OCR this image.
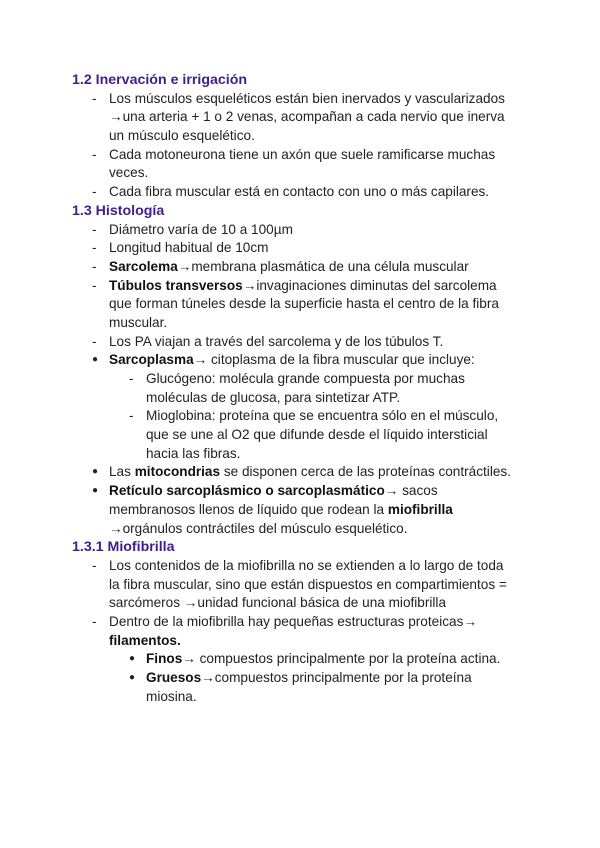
1.2 Inervación e irrigación
- Los músculos esqueléticos están bien inervados y vascularizados
→una arteria + 1 o 2 venas, acompañan a cada nervio que inerva
un músculo esquelético.
- Cada motoneurona tiene un axón que suele ramificarse muchas
veces.
- Cada fibra muscular está en contacto con uno o más capilares.
1.3 Histología
- Diámetro varía de 10 a 100µm
- Longitud habitual de 10cm
- Sarcolema→membrana plasmática de una célula muscular
- Túbulos transversos→invaginaciones diminutas del sarcolema
que forman túneles desde la superficie hasta el centro de la fibra
muscular.
- Los PA viajan a través del sarcolema y de los túbulos T.
● Sarcoplasma→ citoplasma de la fibra muscular que incluye:
- Glucógeno: molécula grande compuesta por muchas
moléculas de glucosa, para sintetizar ATP.
- Mioglobina: proteína que se encuentra sólo en el músculo,
que se une al O2 que difunde desde el líquido intersticial
hacia las fibras.
● Las mitocondrias se disponen cerca de las proteínas contráctiles.
● Retículo sarcoplásmico o sarcoplasmático→ sacos
membranosos llenos de líquido que rodean la miofibrilla
→orgánulos contráctiles del músculo esquelético.
1.3.1 Miofibrilla
- Los contenidos de la miofibrilla no se extienden a lo largo de toda
la fibra muscular, sino que están dispuestos en compartimientos =
sarcómeros →unidad funcional básica de una miofibrilla
- Dentro de la miofibrilla hay pequeñas estructuras proteicas→
filamentos.
● Finos→ compuestos principalmente por la proteína actina.
● Gruesos→compuestos principalmente por la proteína
miosina.
